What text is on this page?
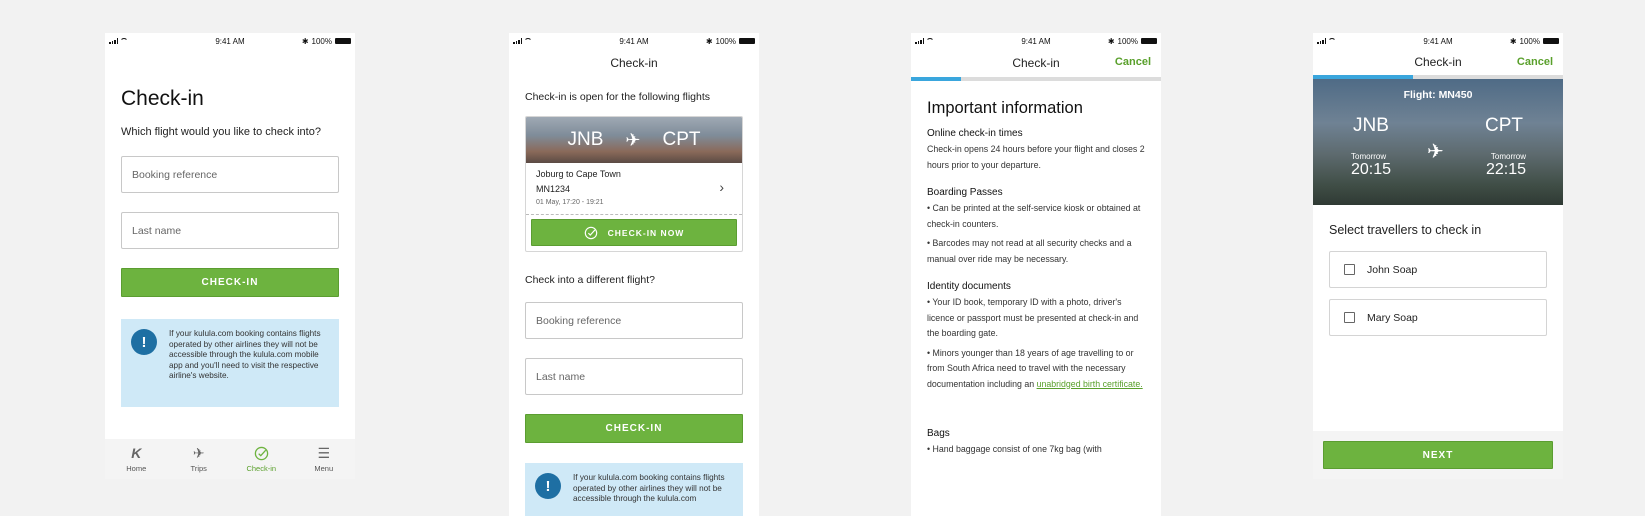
9:41 AM	✱ 100%
Check-in
Which flight would you like to check into?
Booking reference
Last name
CHECK-IN
!	If your kulula.com booking contains flights operated by other airlines they will not be accessible through the kulula.com mobile app and you'll need to visit the respective airline's website.
K
Home
✈
Trips	Check-in
☰
Menu
9:41 AM	✱ 100%
Check-in
Check-in is open for the following flights
JNB ✈ CPT
Joburg to Cape Town
MN1234
01 May, 17:20 - 19:21
›
CHECK-IN NOW
Check into a different flight?
Booking reference
Last name
CHECK-IN
!	If your kulula.com booking contains flights operated by other airlines they will not be accessible through the kulula.com
9:41 AM	✱ 100%
Check-in	Cancel
Important information
Online check-in times
Check-in opens 24 hours before your flight and closes 2 hours prior to your departure.
Boarding Passes
• Can be printed at the self-service kiosk or obtained at check-in counters.
• Barcodes may not read at all security checks and a manual over ride may be necessary.
Identity documents
• Your ID book, temporary ID with a photo, driver's licence or passport must be presented at check-in and the boarding gate.
• Minors younger than 18 years of age travelling to or from South Africa need to travel with the necessary documentation including an unabridged birth certificate.
Bags
• Hand baggage consist of one 7kg bag (with
9:41 AM	✱ 100%
Check-in	Cancel
Flight: MN450
JNB	CPT
✈
Tomorrow
20:15
Tomorrow
22:15
Select travellers to check in
John Soap
Mary Soap
NEXT
